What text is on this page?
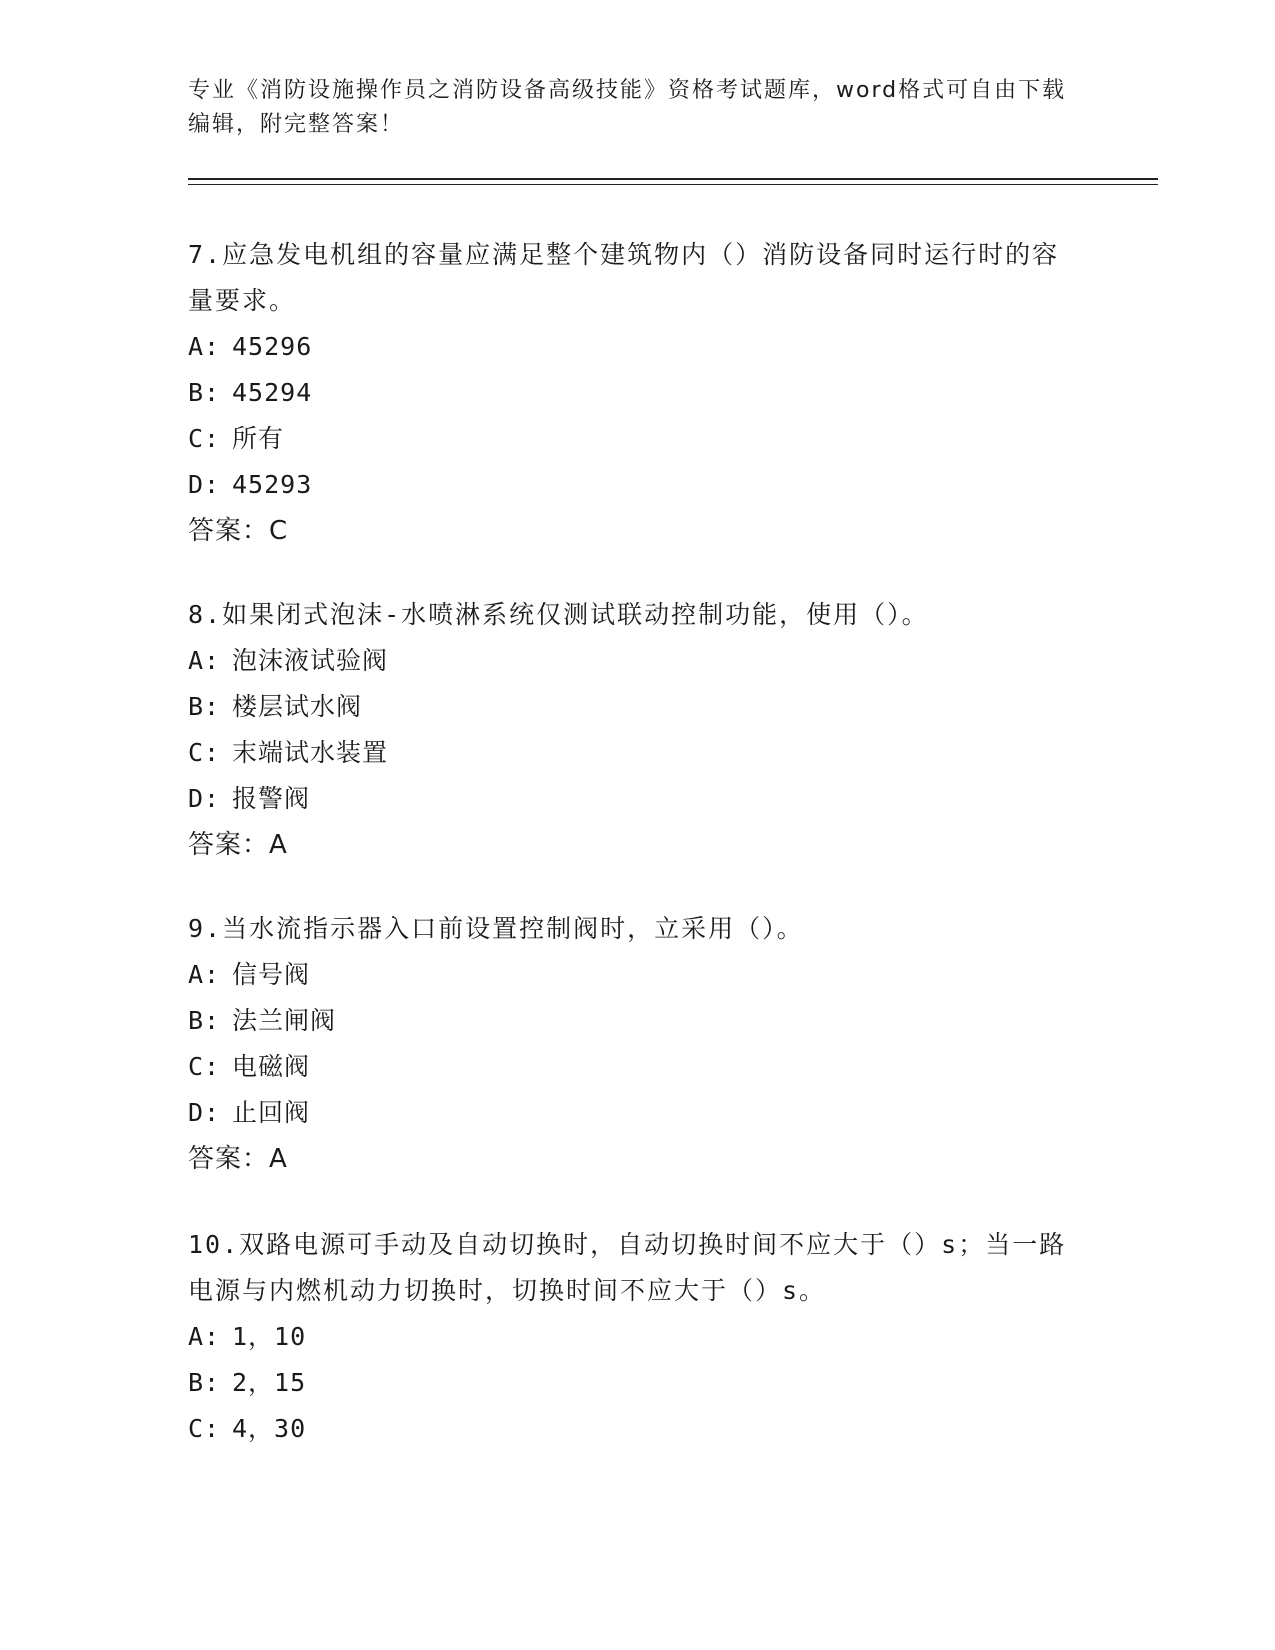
专业《消防设施操作员之消防设备高级技能》资格考试题库，word格式可自由下载编辑，附完整答案！

7.应急发电机组的容量应满足整个建筑物内（）消防设备同时运行时的容量要求。

A: 45296
B: 45294
C: 所有
D: 45293
答案：C

8.如果闭式泡沫-水喷淋系统仅测试联动控制功能，使用（）。

A: 泡沫液试验阀
B: 楼层试水阀
C: 末端试水装置
D: 报警阀
答案：A

9.当水流指示器入口前设置控制阀时，立采用（）。

A: 信号阀
B: 法兰闸阀
C: 电磁阀
D: 止回阀
答案：A

10.双路电源可手动及自动切换时，自动切换时间不应大于（）s；当一路电源与内燃机动力切换时，切换时间不应大于（）s。

A: 1，10
B: 2，15
C: 4，30
